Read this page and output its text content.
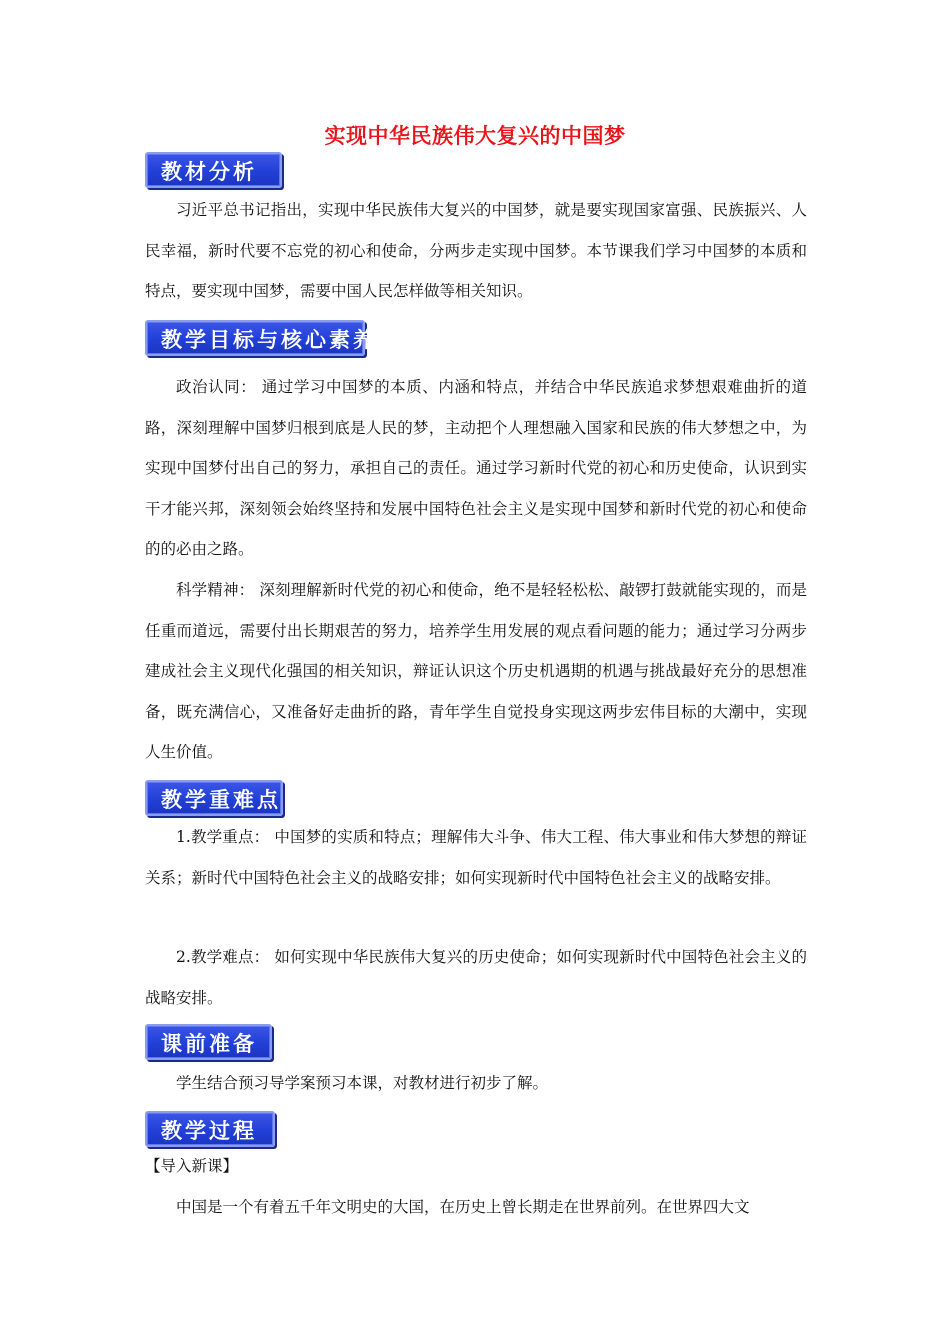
实现中华民族伟大复兴的中国梦
教材分析

习近平总书记指出，实现中华民族伟大复兴的中国梦，就是要实现国家富强、民族振兴、人民幸福，新时代要不忘党的初心和使命，分两步走实现中国梦。本节课我们学习中国梦的本质和特点，要实现中国梦，需要中国人民怎样做等相关知识。

教学目标与核心素养

政治认同： 通过学习中国梦的本质、内涵和特点，并结合中华民族追求梦想艰难曲折的道路，深刻理解中国梦归根到底是人民的梦，主动把个人理想融入国家和民族的伟大梦想之中，为实现中国梦付出自己的努力，承担自己的责任。通过学习新时代党的初心和历史使命，认识到实干才能兴邦，深刻领会始终坚持和发展中国特色社会主义是实现中国梦和新时代党的初心和使命的的必由之路。

科学精神： 深刻理解新时代党的初心和使命，绝不是轻轻松松、敲锣打鼓就能实现的，而是任重而道远，需要付出长期艰苦的努力，培养学生用发展的观点看问题的能力；通过学习分两步建成社会主义现代化强国的相关知识，辩证认识这个历史机遇期的机遇与挑战最好充分的思想准备，既充满信心，又准备好走曲折的路，青年学生自觉投身实现这两步宏伟目标的大潮中，实现人生价值。

教学重难点

1.教学重点： 中国梦的实质和特点；理解伟大斗争、伟大工程、伟大事业和伟大梦想的辩证关系；新时代中国特色社会主义的战略安排；如何实现新时代中国特色社会主义的战略安排。

2.教学难点： 如何实现中华民族伟大复兴的历史使命；如何实现新时代中国特色社会主义的战略安排。

课前准备

学生结合预习导学案预习本课，对教材进行初步了解。

教学过程

【导入新课】

中国是一个有着五千年文明史的大国，在历史上曾长期走在世界前列。在世界四大文
